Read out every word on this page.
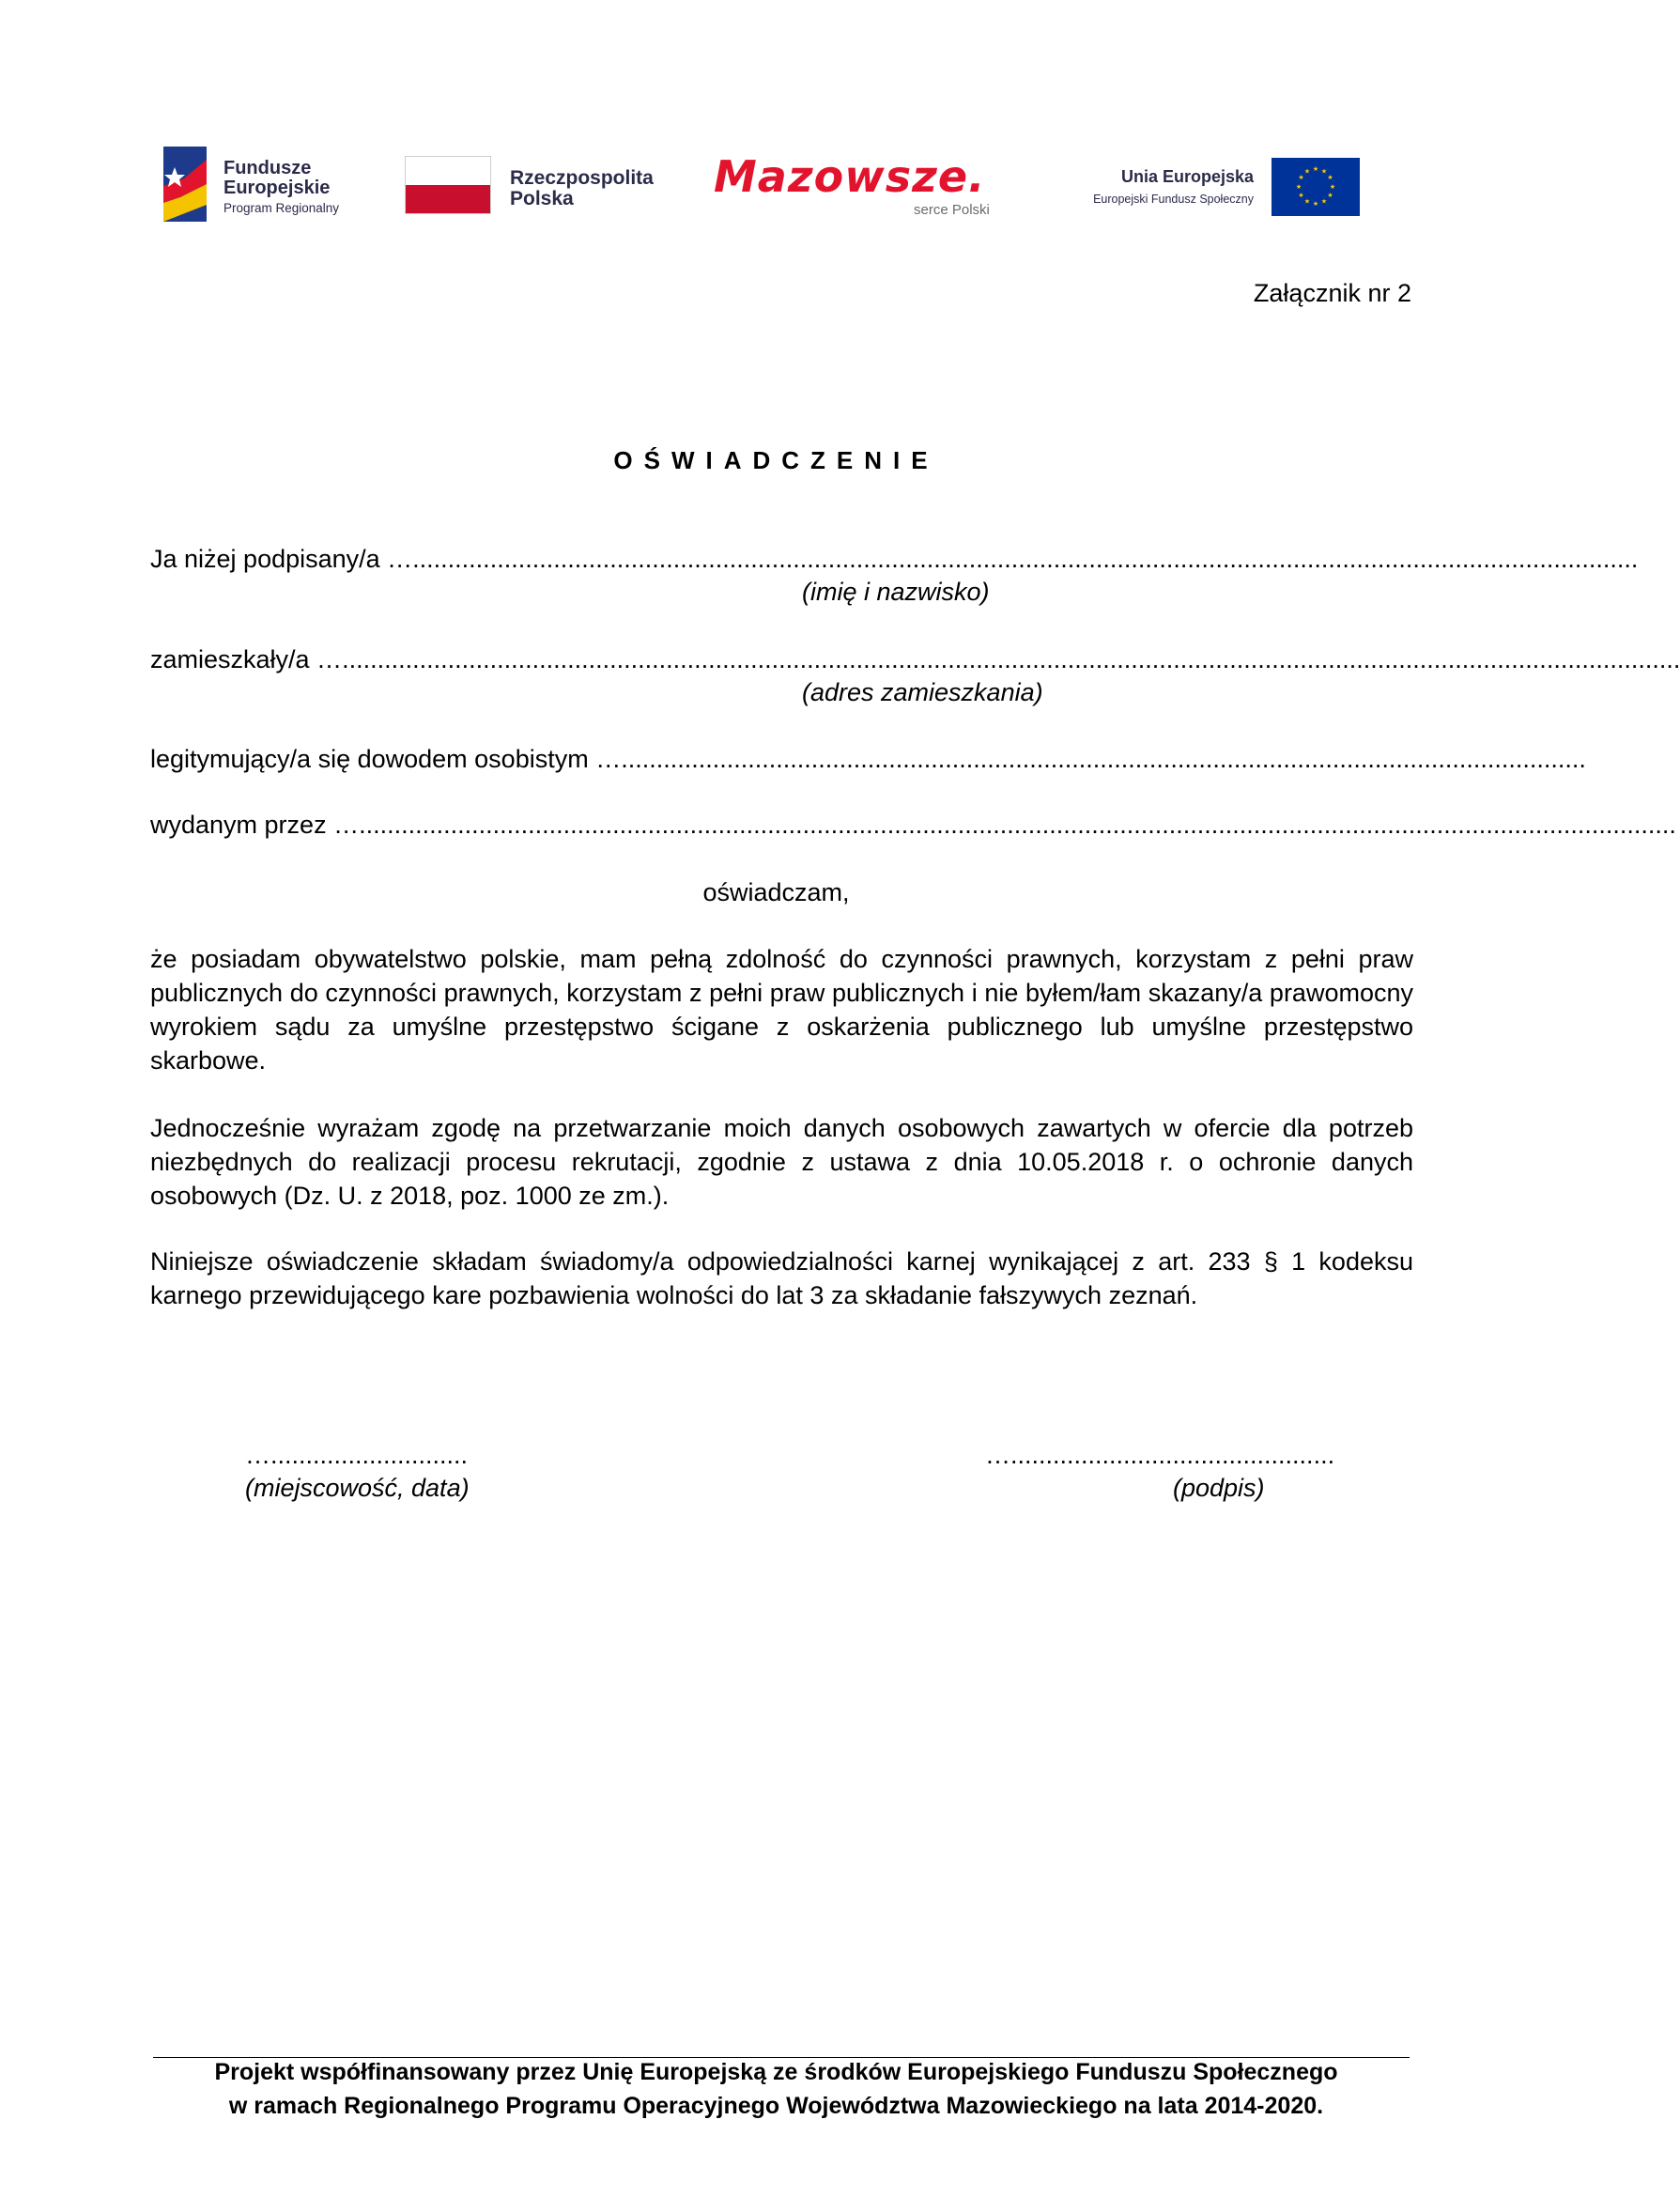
Fundusze
Europejskie
Program Regionalny
Rzeczpospolita
Polska	Mazowsze.
serce Polski
Unia Europejska
Europejski Fundusz Społeczny
★ ★
★
★
★
★
★
★
★
★
★
★
Załącznik nr 2
OŚWIADCZENIE
Ja niżej podpisany/a …..............................................................................................................................................................................
(imię i nazwisko)
zamieszkały/a …..............................................................................................................................................................................................
(adres zamieszkania)
legitymujący/a się dowodem osobistym ….........................................................................................................................................
wydanym przez …...........................................................................................................................................................................................
oświadczam,
że posiadam obywatelstwo polskie, mam pełną zdolność do czynności prawnych, korzystam z pełni praw publicznych do czynności prawnych, korzystam z pełni praw publicznych i nie byłem/łam skazany/a prawomocny wyrokiem sądu za umyślne przestępstwo ścigane z oskarżenia publicznego lub umyślne przestępstwo skarbowe.
Jednocześnie wyrażam zgodę na przetwarzanie moich danych osobowych zawartych w ofercie dla potrzeb niezbędnych do realizacji procesu rekrutacji, zgodnie z ustawa z dnia 10.05.2018 r. o ochronie danych osobowych (Dz. U. z 2018, poz. 1000 ze zm.).
Niniejsze oświadczenie składam świadomy/a odpowiedzialności karnej wynikającej z art. 233 § 1 kodeksu karnego przewidującego kare pozbawienia wolności do lat 3 za składanie fałszywych zeznań.
…............................
(miejscowość, data)
…..............................................
(podpis)
Projekt współfinansowany przez Unię Europejską ze środków Europejskiego Funduszu Społecznego
w ramach Regionalnego Programu Operacyjnego Województwa Mazowieckiego na lata 2014-2020.
